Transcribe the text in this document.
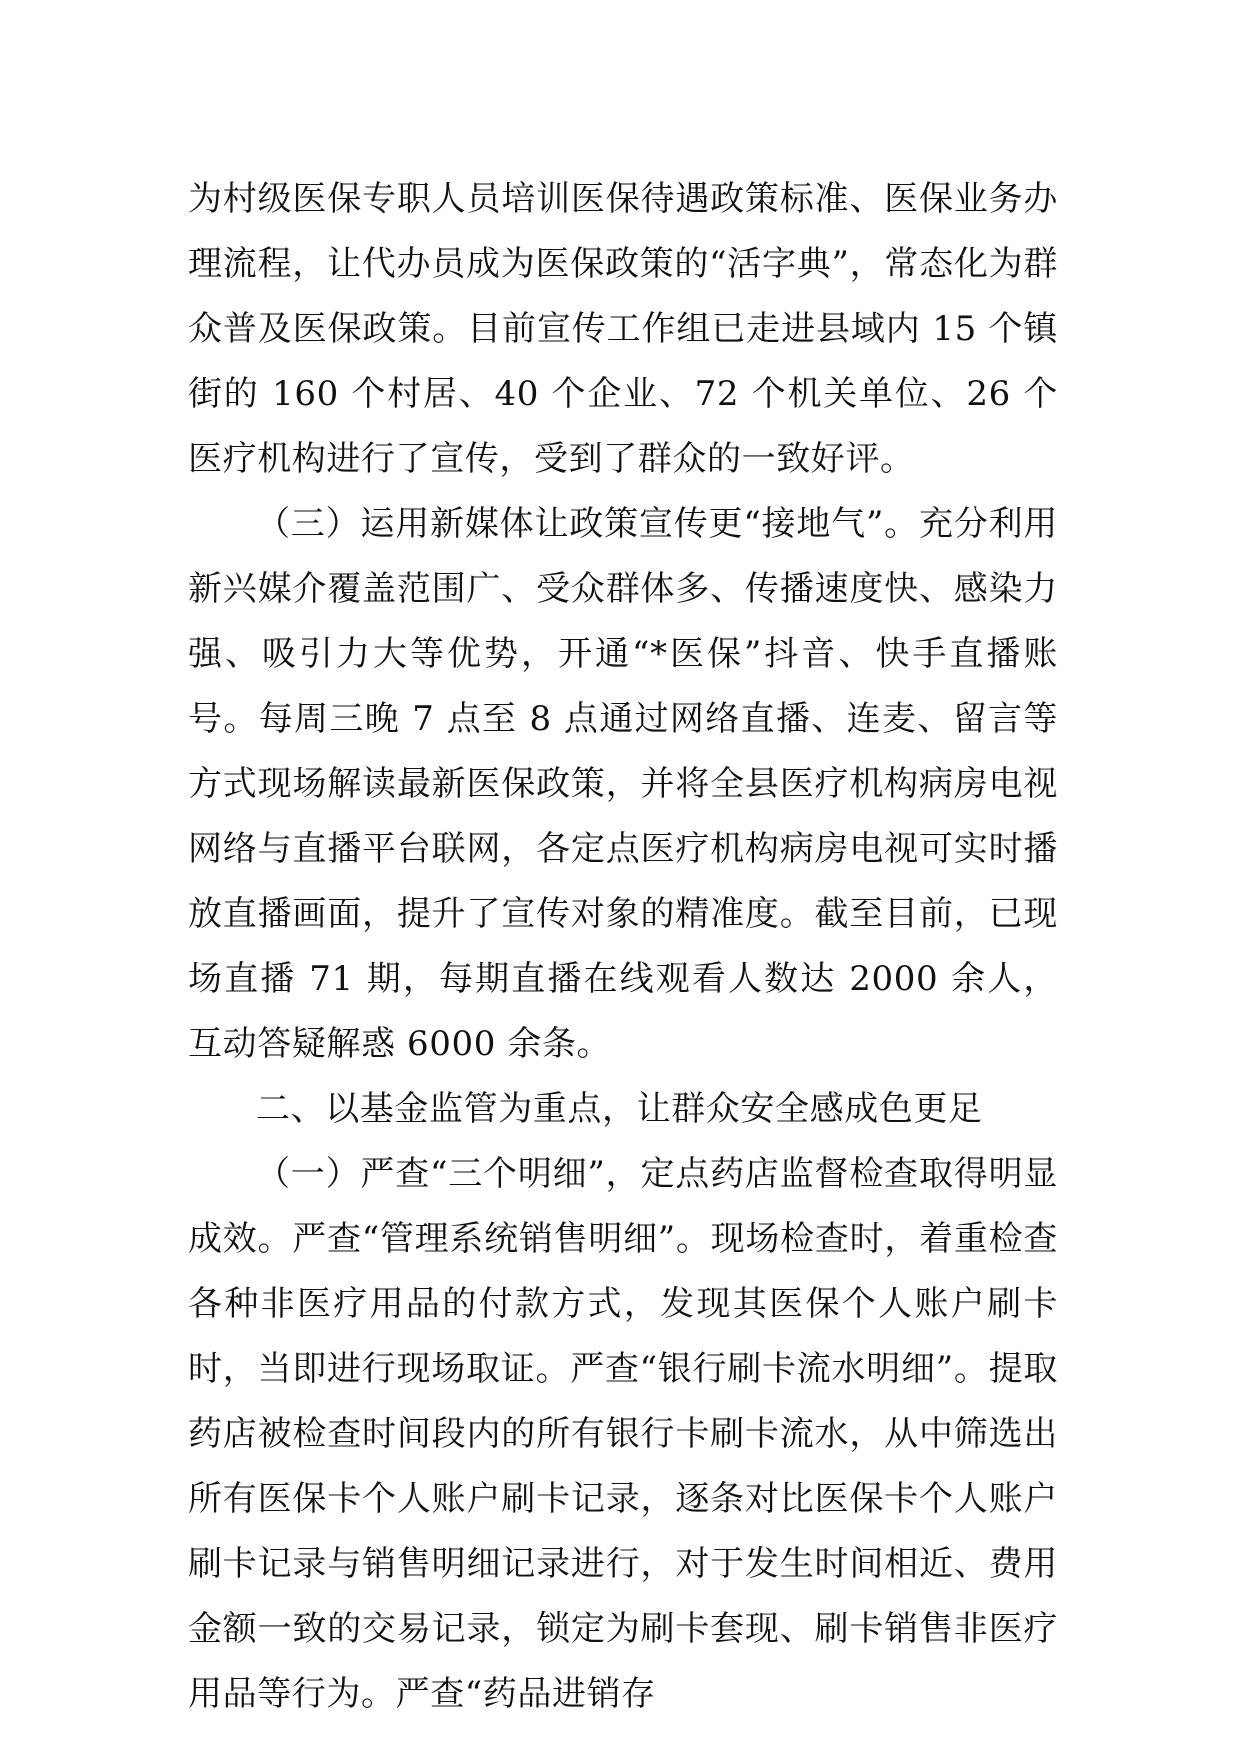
为村级医保专职人员培训医保待遇政策标准、医保业务办理流程，让代办员成为医保政策的“活字典”，常态化为群众普及医保政策。目前宣传工作组已走进县域内 15 个镇街的 160 个村居、40 个企业、72 个机关单位、26 个医疗机构进行了宣传，受到了群众的一致好评。

（三）运用新媒体让政策宣传更“接地气”。充分利用新兴媒介覆盖范围广、受众群体多、传播速度快、感染力强、吸引力大等优势，开通“*医保”抖音、快手直播账号。每周三晚 7 点至 8 点通过网络直播、连麦、留言等方式现场解读最新医保政策，并将全县医疗机构病房电视网络与直播平台联网，各定点医疗机构病房电视可实时播放直播画面，提升了宣传对象的精准度。截至目前，已现场直播 71 期，每期直播在线观看人数达 2000 余人，互动答疑解惑 6000 余条。

二、以基金监管为重点，让群众安全感成色更足

（一）严查“三个明细”，定点药店监督检查取得明显成效。严查“管理系统销售明细”。现场检查时，着重检查各种非医疗用品的付款方式，发现其医保个人账户刷卡时，当即进行现场取证。严查“银行刷卡流水明细”。提取药店被检查时间段内的所有银行卡刷卡流水，从中筛选出所有医保卡个人账户刷卡记录，逐条对比医保卡个人账户刷卡记录与销售明细记录进行，对于发生时间相近、费用金额一致的交易记录，锁定为刷卡套现、刷卡销售非医疗用品等行为。严查“药品进销存
